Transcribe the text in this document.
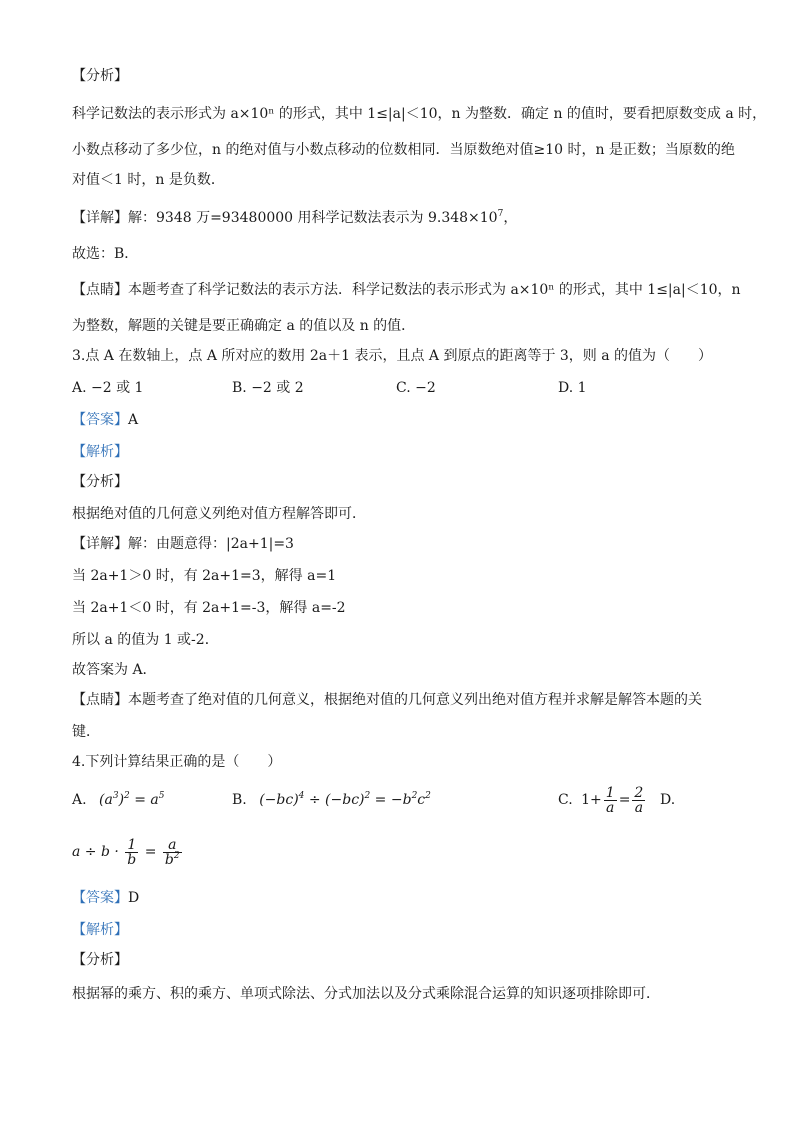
【分析】
科学记数法的表示形式为 a×10ⁿ 的形式，其中 1≤|a|＜10，n 为整数．确定 n 的值时，要看把原数变成 a 时，
小数点移动了多少位，n 的绝对值与小数点移动的位数相同．当原数绝对值≥10 时，n 是正数；当原数的绝
对值＜1 时，n 是负数．
【详解】解：9348 万=93480000 用科学记数法表示为 $9.348\times 10^7$，
故选：B．
【点睛】本题考查了科学记数法的表示方法．科学记数法的表示形式为 a×10ⁿ 的形式，其中 1≤|a|＜10，n
为整数，解题的关键是要正确确定 a 的值以及 n 的值．
3.点 A 在数轴上，点 A 所对应的数用 2a＋1 表示，且点 A 到原点的距离等于 3，则 a 的值为（　　）
A. −2 或 1	B. −2 或 2	C. −2	D. 1
【答案】A
【解析】
【分析】
根据绝对值的几何意义列绝对值方程解答即可．
【详解】解：由题意得：|2a+1|=3
当 2a+1＞0 时，有 2a+1=3，解得 a=1
当 2a+1＜0 时，有 2a+1=-3，解得 a=-2
所以 a 的值为 1 或-2．
故答案为 A．
【点睛】本题考查了绝对值的几何意义，根据绝对值的几何意义列出绝对值方程并求解是解答本题的关
键．
4.下列计算结果正确的是（　　）
A. $(a^3)^2 = a^5$	B. $(-bc)^4 \div (-bc)^2 = -b^2c^2$	C. $1+ \frac{1}{a} = \frac{2}{a} D$.
$a \div b \cdot \frac{1}{b} = \frac{a}{b^2}$
【答案】D
【解析】
【分析】
根据幂的乘方、积的乘方、单项式除法、分式加法以及分式乘除混合运算的知识逐项排除即可．
